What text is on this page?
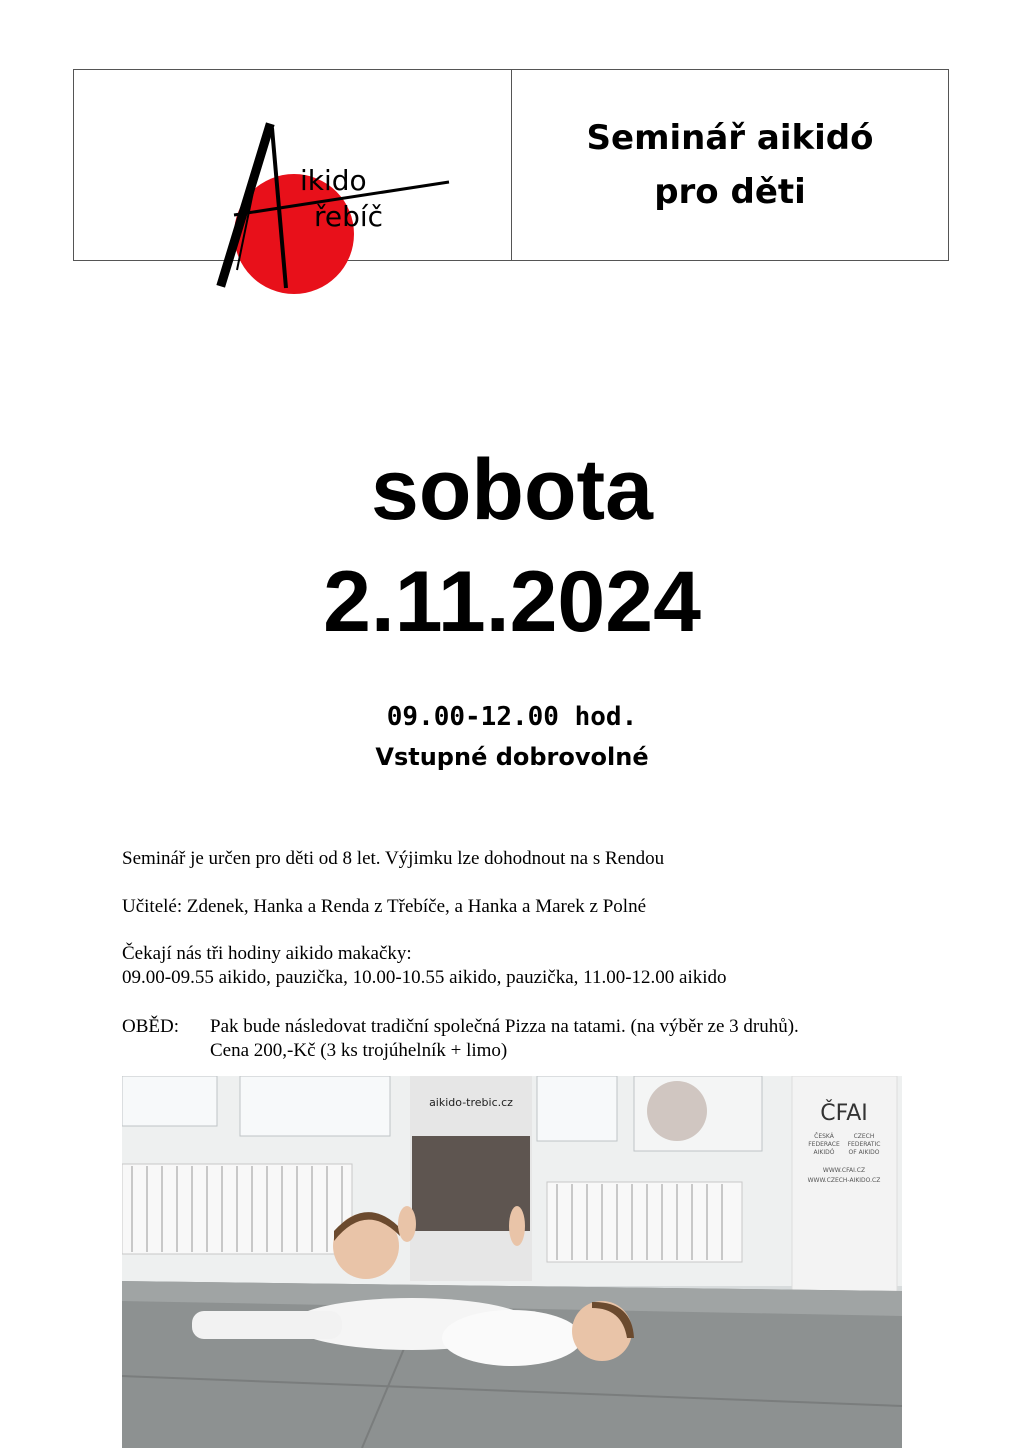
ikido
řebíč
Seminář aikidó
pro děti
sobota
2.11.2024
09.00-12.00 hod.
Vstupné dobrovolné
Seminář je určen pro děti od 8 let. Výjimku lze dohodnout na s Rendou
Učitelé: Zdenek, Hanka a Renda z Třebíče, a Hanka a Marek z Polné
Čekají nás tři hodiny aikido makačky:
09.00-09.55 aikido, pauzička, 10.00-10.55 aikido, pauzička, 11.00-12.00 aikido
OBĚD: Pak bude následovat tradiční společná Pizza na tatami. (na výběr ze 3 druhů).
Cena 200,-Kč (3 ks trojúhelník + limo)
aikido-trebic.cz	ČFAI
ČESKÁ
FEDERACE
AIKIDÓ
CZECH
FEDERATIC
OF AIKIDO
WWW.CFAI.CZ
WWW.CZECH-AIKIDO.CZ
